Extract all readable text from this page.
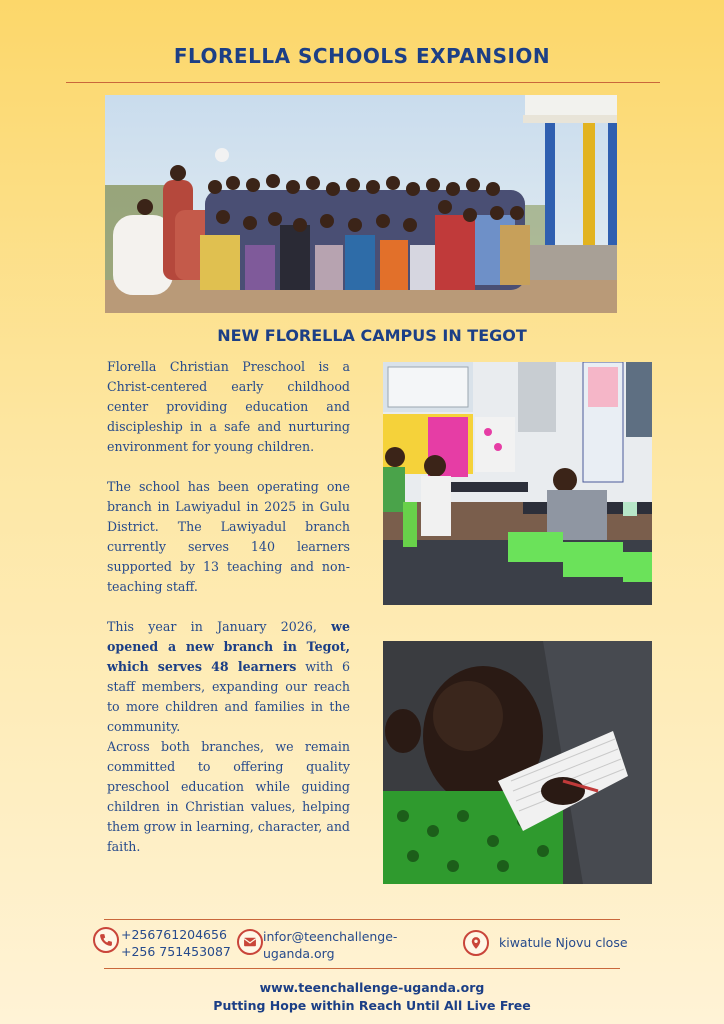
FLORELLA SCHOOLS EXPANSION
NEW FLORELLA CAMPUS IN TEGOT

Florella Christian Preschool is a Christ-centered early childhood center providing education and discipleship in a safe and nurturing environment for young children.

The school has been operating one branch in Lawiyadul in 2025 in Gulu District. The Lawiyadul branch currently serves 140 learners supported by 13 teaching and non-teaching staff.

This year in January 2026, we opened a new branch in Tegot, which serves 48 learners with 6 staff members, expanding our reach to more children and families in the community.

Across both branches, we remain committed to offering quality preschool education while guiding children in Christian values, helping them grow in learning, character, and faith.

+256761204656
+256 751453087
infor@teenchallenge-
uganda.org
kiwatule Njovu close
www.teenchallenge-uganda.org
Putting Hope within Reach Until All Live Free
